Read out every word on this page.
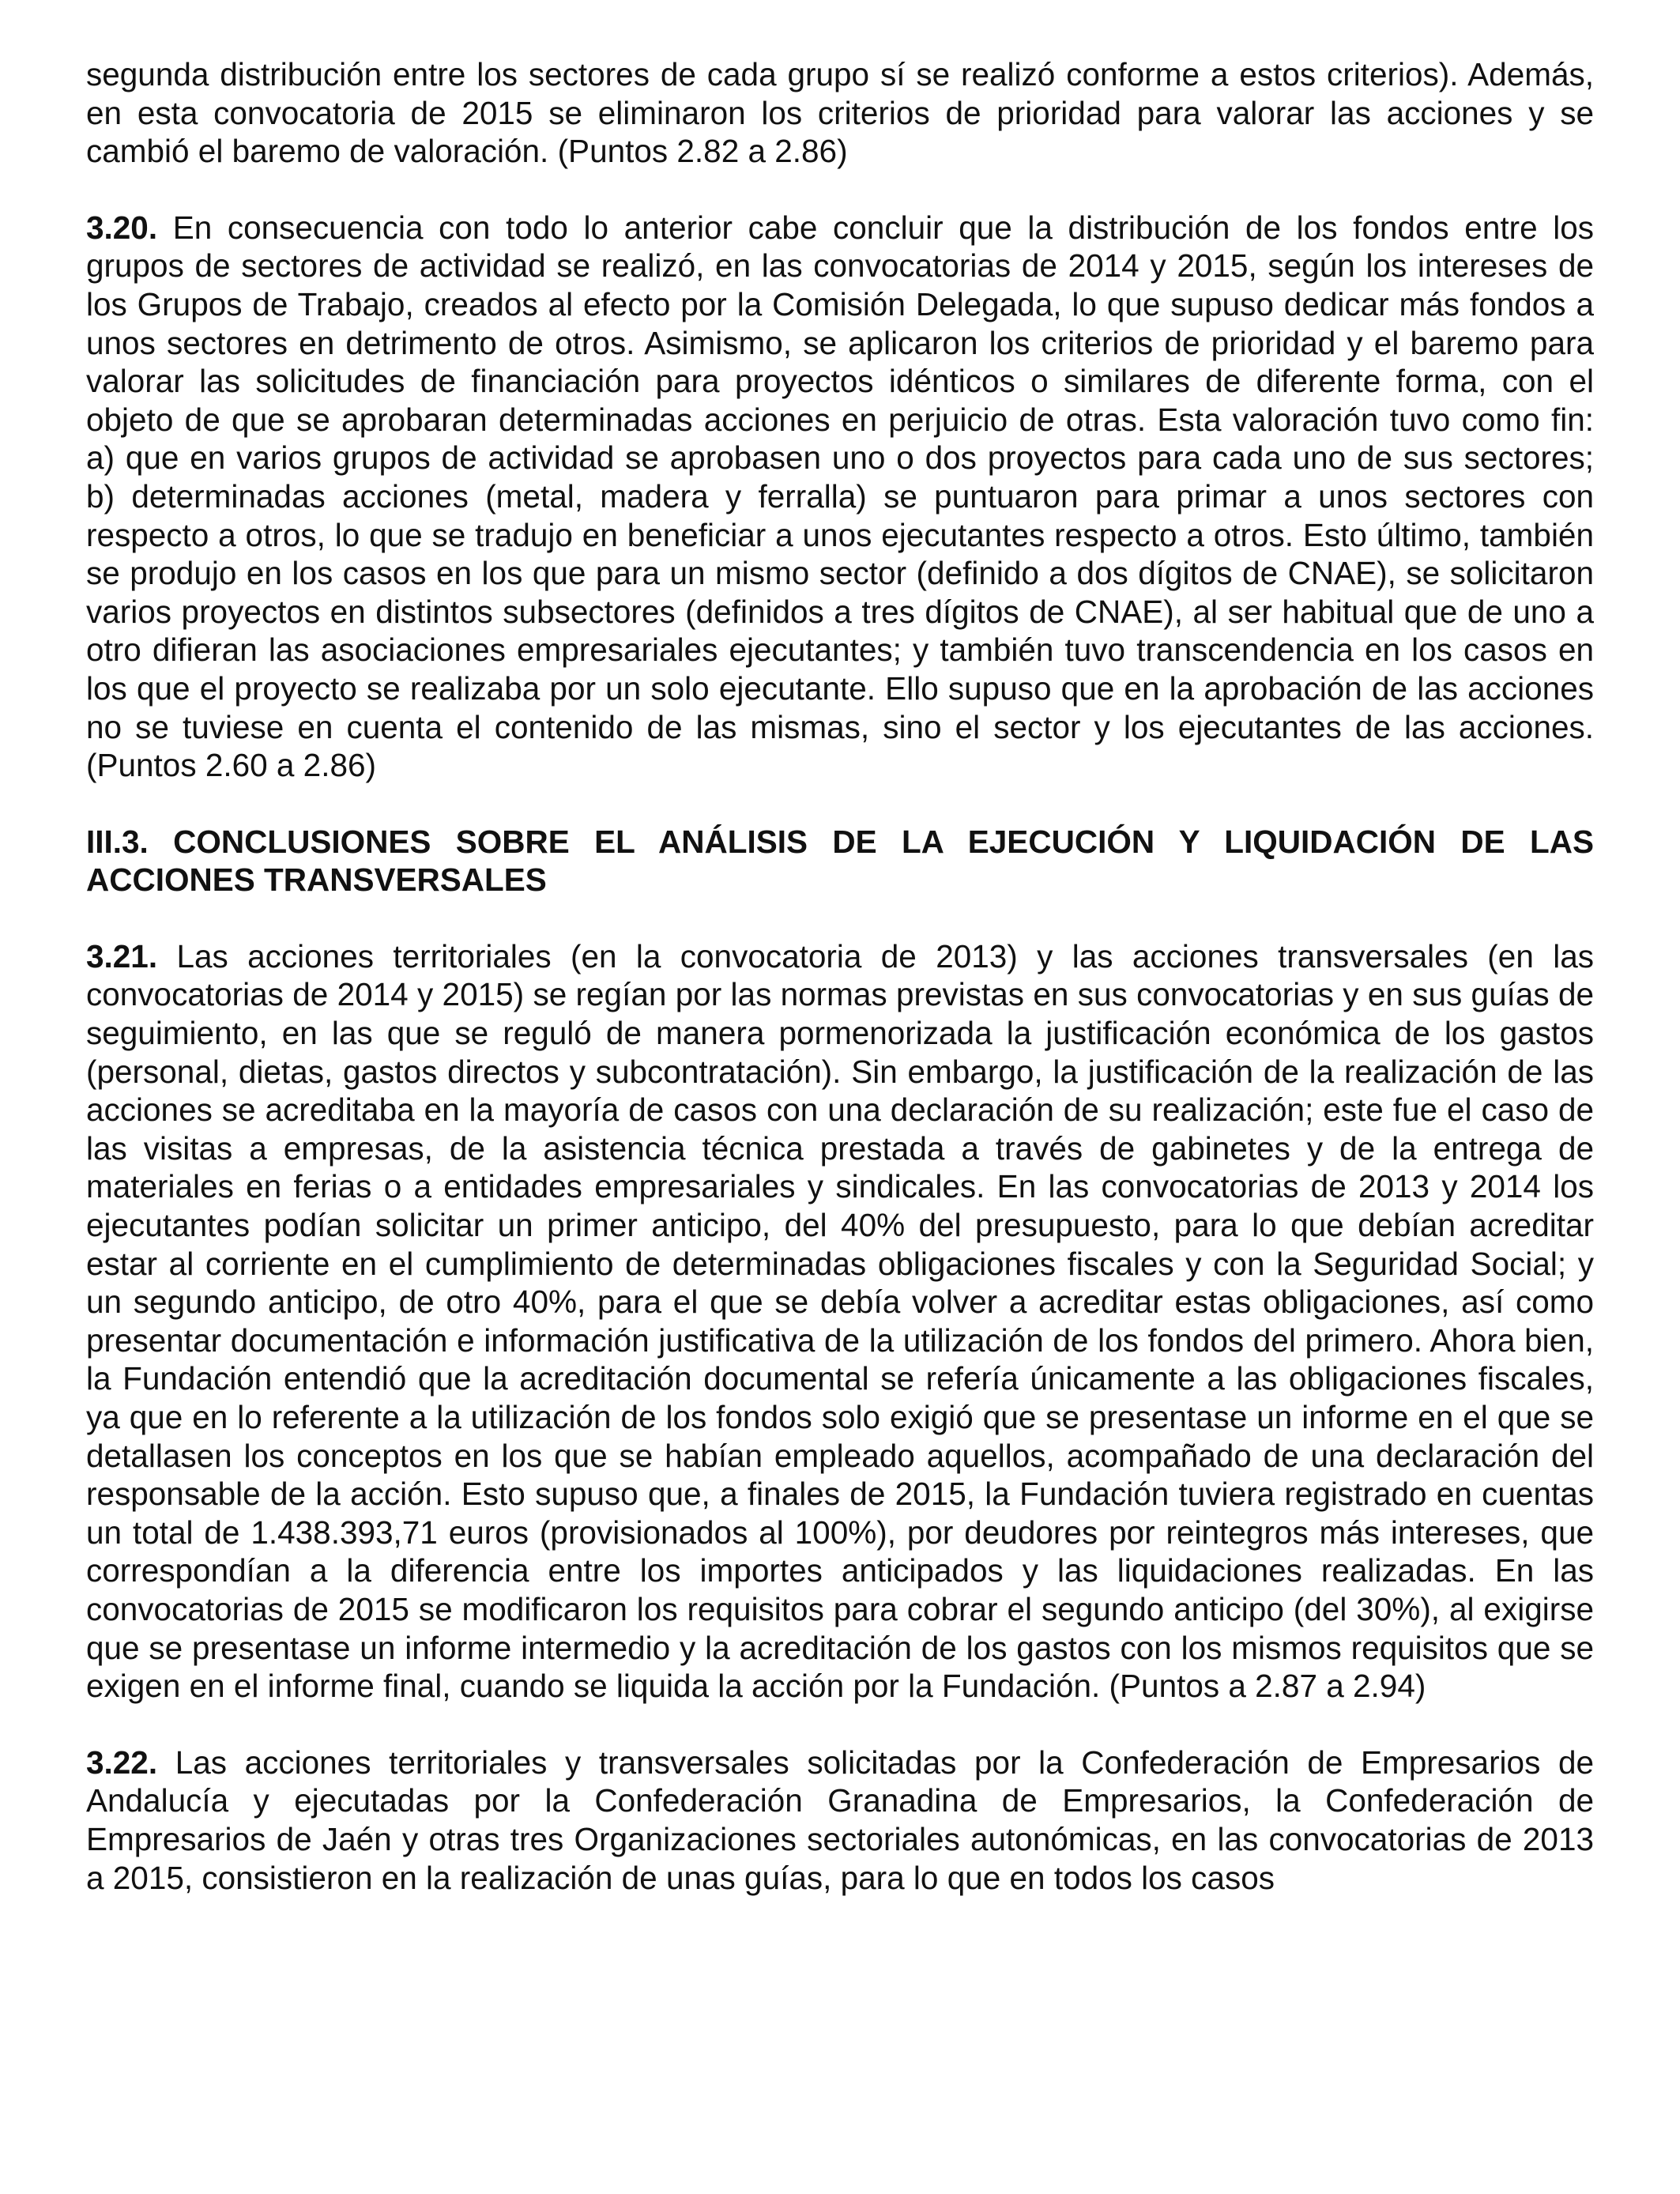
segunda distribución entre los sectores de cada grupo sí se realizó conforme a estos criterios). Además, en esta convocatoria de 2015 se eliminaron los criterios de prioridad para valorar las acciones y se cambió el baremo de valoración. (Puntos 2.82 a 2.86)

3.20. En consecuencia con todo lo anterior cabe concluir que la distribución de los fondos entre los grupos de sectores de actividad se realizó, en las convocatorias de 2014 y 2015, según los intereses de los Grupos de Trabajo, creados al efecto por la Comisión Delegada, lo que supuso dedicar más fondos a unos sectores en detrimento de otros. Asimismo, se aplicaron los criterios de prioridad y el baremo para valorar las solicitudes de financiación para proyectos idénticos o similares de diferente forma, con el objeto de que se aprobaran determinadas acciones en perjuicio de otras. Esta valoración tuvo como fin: a) que en varios grupos de actividad se aprobasen uno o dos proyectos para cada uno de sus sectores; b) determinadas acciones (metal, madera y ferralla) se puntuaron para primar a unos sectores con respecto a otros, lo que se tradujo en beneficiar a unos ejecutantes respecto a otros. Esto último, también se produjo en los casos en los que para un mismo sector (definido a dos dígitos de CNAE), se solicitaron varios proyectos en distintos subsectores (definidos a tres dígitos de CNAE), al ser habitual que de uno a otro difieran las asociaciones empresariales ejecutantes; y también tuvo transcendencia en los casos en los que el proyecto se realizaba por un solo ejecutante. Ello supuso que en la aprobación de las acciones no se tuviese en cuenta el contenido de las mismas, sino el sector y los ejecutantes de las acciones. (Puntos 2.60 a 2.86)

III.3. CONCLUSIONES SOBRE EL ANÁLISIS DE LA EJECUCIÓN Y LIQUIDACIÓN DE LAS ACCIONES TRANSVERSALES

3.21. Las acciones territoriales (en la convocatoria de 2013) y las acciones transversales (en las convocatorias de 2014 y 2015) se regían por las normas previstas en sus convocatorias y en sus guías de seguimiento, en las que se reguló de manera pormenorizada la justificación económica de los gastos (personal, dietas, gastos directos y subcontratación). Sin embargo, la justificación de la realización de las acciones se acreditaba en la mayoría de casos con una declaración de su realización; este fue el caso de las visitas a empresas, de la asistencia técnica prestada a través de gabinetes y de la entrega de materiales en ferias o a entidades empresariales y sindicales. En las convocatorias de 2013 y 2014 los ejecutantes podían solicitar un primer anticipo, del 40% del presupuesto, para lo que debían acreditar estar al corriente en el cumplimiento de determinadas obligaciones fiscales y con la Seguridad Social; y un segundo anticipo, de otro 40%, para el que se debía volver a acreditar estas obligaciones, así como presentar documentación e información justificativa de la utilización de los fondos del primero. Ahora bien, la Fundación entendió que la acreditación documental se refería únicamente a las obligaciones fiscales, ya que en lo referente a la utilización de los fondos solo exigió que se presentase un informe en el que se detallasen los conceptos en los que se habían empleado aquellos, acompañado de una declaración del responsable de la acción. Esto supuso que, a finales de 2015, la Fundación tuviera registrado en cuentas un total de 1.438.393,71 euros (provisionados al 100%), por deudores por reintegros más intereses, que correspondían a la diferencia entre los importes anticipados y las liquidaciones realizadas. En las convocatorias de 2015 se modificaron los requisitos para cobrar el segundo anticipo (del 30%), al exigirse que se presentase un informe intermedio y la acreditación de los gastos con los mismos requisitos que se exigen en el informe final, cuando se liquida la acción por la Fundación. (Puntos a 2.87 a 2.94)

3.22. Las acciones territoriales y transversales solicitadas por la Confederación de Empresarios de Andalucía y ejecutadas por la Confederación Granadina de Empresarios, la Confederación de Empresarios de Jaén y otras tres Organizaciones sectoriales autonómicas, en las convocatorias de 2013 a 2015, consistieron en la realización de unas guías, para lo que en todos los casos
